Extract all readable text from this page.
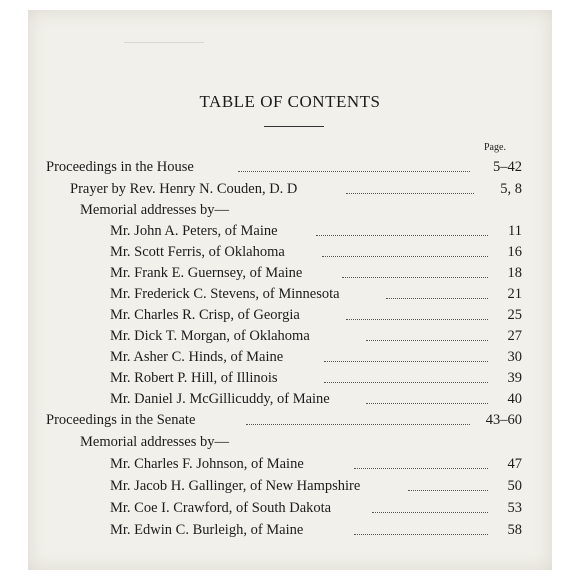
TABLE OF CONTENTS
Page.
Proceedings in the House	5–42
Prayer by Rev. Henry N. Couden, D. D	5, 8
Memorial addresses by—
Mr. John A. Peters, of Maine	11
Mr. Scott Ferris, of Oklahoma	16
Mr. Frank E. Guernsey, of Maine	18
Mr. Frederick C. Stevens, of Minnesota	21
Mr. Charles R. Crisp, of Georgia	25
Mr. Dick T. Morgan, of Oklahoma	27
Mr. Asher C. Hinds, of Maine	30
Mr. Robert P. Hill, of Illinois	39
Mr. Daniel J. McGillicuddy, of Maine	40
Proceedings in the Senate	43–60
Memorial addresses by—
Mr. Charles F. Johnson, of Maine	47
Mr. Jacob H. Gallinger, of New Hampshire	50
Mr. Coe I. Crawford, of South Dakota	53
Mr. Edwin C. Burleigh, of Maine	58
